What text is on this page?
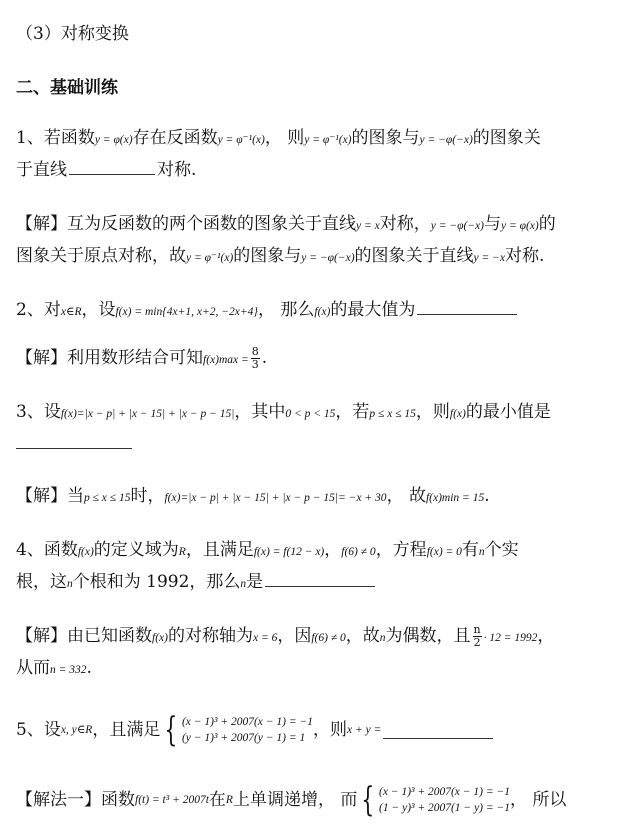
（3）对称变换
二、基础训练
1、若函数y = φ(x)存在反函数y = φ⁻¹(x)， 则y = φ⁻¹(x)的图象与y = −φ(−x)的图象关
于直线	对称.
【解】互为反函数的两个函数的图象关于直线y = x对称，y = −φ(−x)与y = φ(x)的
图象关于原点对称，故y = φ⁻¹(x)的图象与y = −φ(−x)的图象关于直线y = −x对称.
2、对x∈R，设f(x) = min{4x+1, x+2, −2x+4}， 那么f(x)的最大值为
【解】利用数形结合可知$f(x)\max = \frac{8}{3}$ .
3、设f(x)=|x − p| + |x − 15| + |x − p − 15|，其中0 < p < 15，若p ≤ x ≤ 15，则f(x)的最小值是
【解】当p ≤ x ≤ 15时，f(x)=|x − p| + |x − 15| + |x − p − 15|= −x + 30， 故f(x)min = 15.
4、函数f(x)的定义域为R，且满足f(x) = f(12 − x)，f(6) ≠ 0，方程f(x) = 0有n个实
根，这n个根和为 1992，那么n是
【解】由已知函数f(x)的对称轴为x = 6，因f(6) ≠ 0，故n为偶数，且 $\frac{n}{2} \cdot 12 = 1992$，
从而n = 332.
5、设 x, y∈R ，且满足 { (x − 1)³ + 2007(x − 1) = −1
(y − 1)³ + 2007(y − 1) = 1 ，则 x + y =
【解法一】函数 f(t) = t³ + 2007t 在 R 上单调递增， 而 { (x − 1)³ + 2007(x − 1) = −1
(1 − y)³ + 2007(1 − y) = −1 ， 所以
